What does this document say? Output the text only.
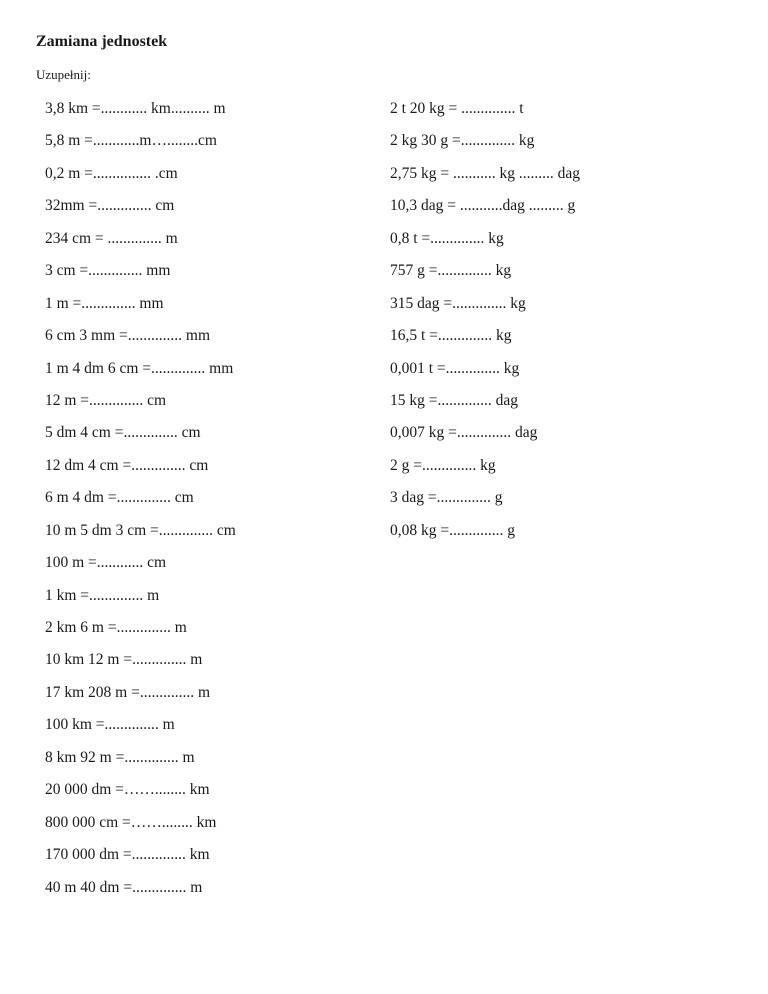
Zamiana jednostek

Uzupełnij:

3,8 km =............ km.......... m
5,8 m =............m…........cm
0,2 m =............... .cm
32mm =.............. cm
234 cm = .............. m
3 cm =.............. mm
1 m =.............. mm
6 cm 3 mm =.............. mm
1 m 4 dm 6 cm =.............. mm
12 m =.............. cm
5 dm 4 cm =.............. cm
12 dm 4 cm =.............. cm
6 m 4 dm =.............. cm
10 m 5 dm 3 cm =.............. cm
100 m =............ cm
1 km =.............. m
2 km 6 m =.............. m
10 km 12 m =.............. m
17 km 208 m =.............. m
100 km =.............. m
8 km 92 m =.............. m
20 000 dm =……........ km
800 000 cm =……........ km
170 000 dm =.............. km
40 m 40 dm =.............. m
2 t 20 kg = .............. t
2 kg 30 g =.............. kg
2,75 kg = ........... kg ......... dag
10,3 dag = ...........dag ......... g
0,8 t =.............. kg
757 g =.............. kg
315 dag =.............. kg
16,5 t =.............. kg
0,001 t =.............. kg
15 kg =.............. dag
0,007 kg =.............. dag
2 g =.............. kg
3 dag =.............. g
0,08 kg =.............. g
